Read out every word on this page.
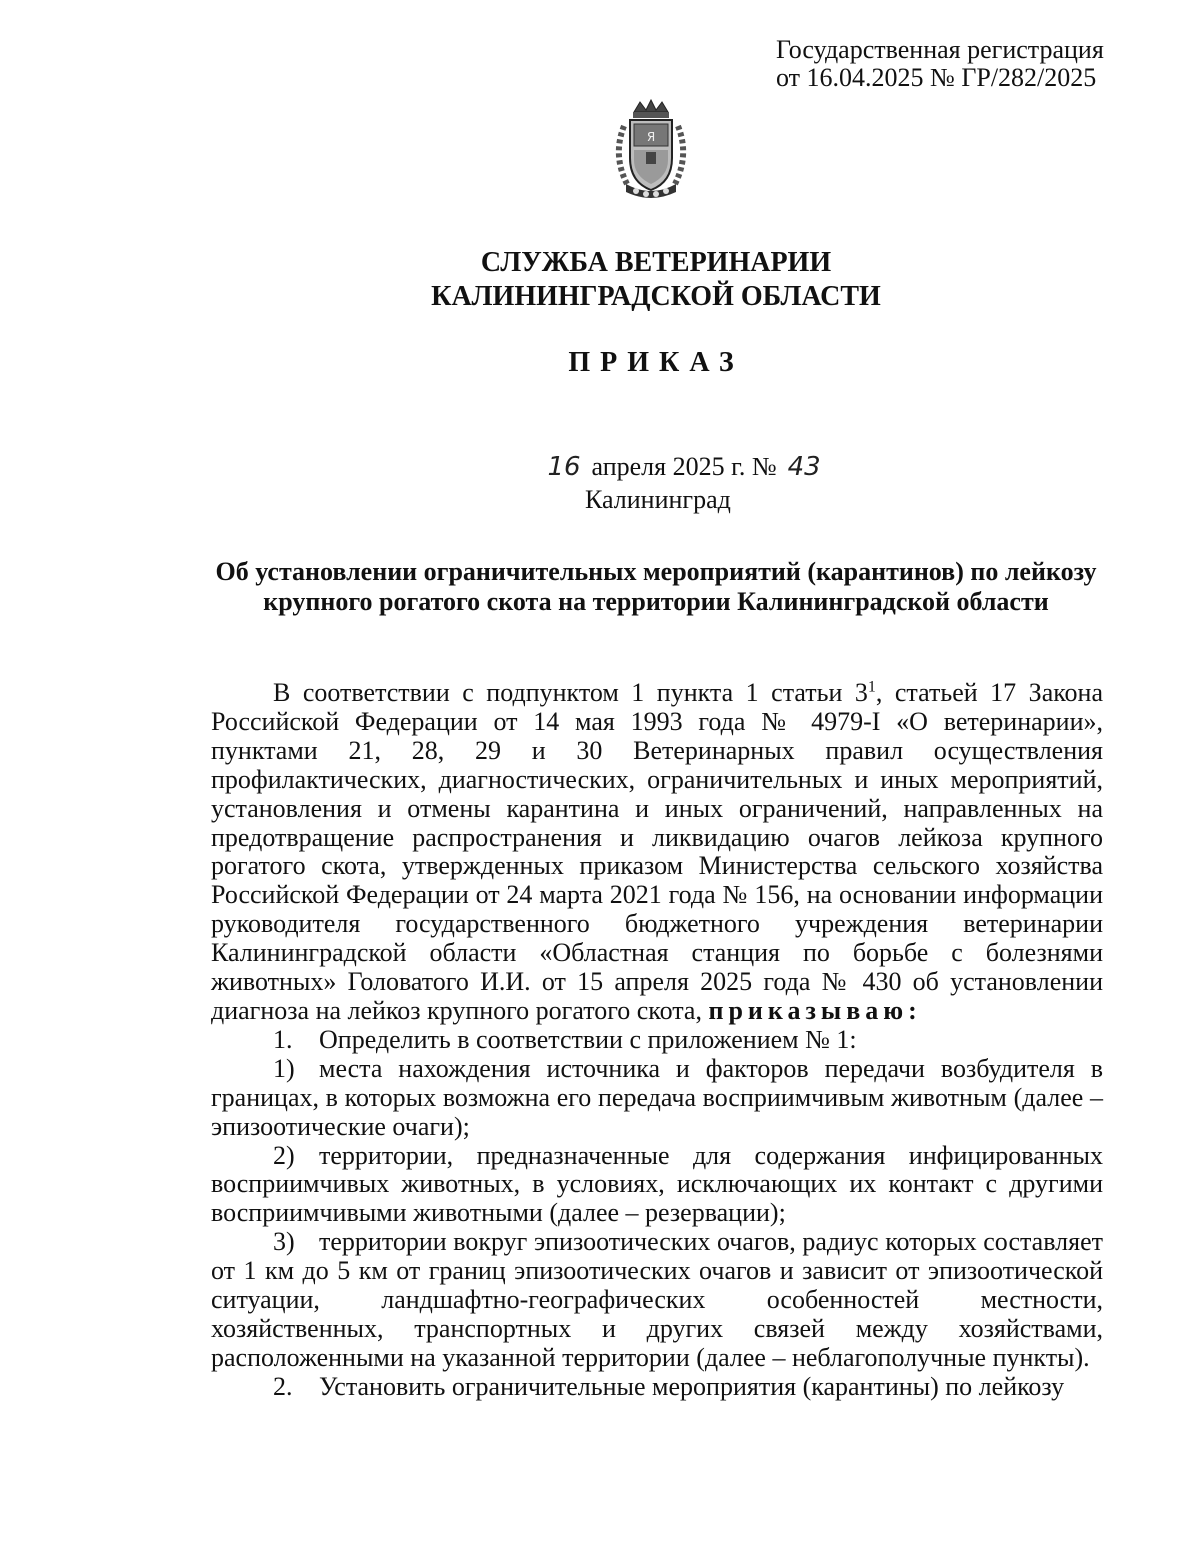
Государственная регистрация
от 16.04.2025 № ГР/282/2025
Я
СЛУЖБА ВЕТЕРИНАРИИ
КАЛИНИНГРАДСКОЙ ОБЛАСТИ
ПРИКАЗ
16 апреля 2025 г. № 43
Калининград
Об установлении ограничительных мероприятий (карантинов) по лейкозу
крупного рогатого скота на территории Калининградской области

В соответствии с подпунктом 1 пункта 1 статьи $3^1$, статьей 17 Закона Российской Федерации от 14 мая 1993 года № 4979-I «О ветеринарии», пунктами 21, 28, 29 и 30 Ветеринарных правил осуществления профилактических, диагностических, ограничительных и иных мероприятий, установления и отмены карантина и иных ограничений, направленных на предотвращение распространения и ликвидацию очагов лейкоза крупного рогатого скота, утвержденных приказом Министерства сельского хозяйства Российской Федерации от 24 марта 2021 года № 156, на основании информации руководителя государственного бюджетного учреждения ветеринарии Калининградской области «Областная станция по борьбе с болезнями животных» Головатого И.И. от 15 апреля 2025 года № 430 об установлении диагноза на лейкоз крупного рогатого скота, приказываю:

1. Определить в соответствии с приложением № 1:

1) места нахождения источника и факторов передачи возбудителя в границах, в которых возможна его передача восприимчивым животным (далее – эпизоотические очаги);

2) территории, предназначенные для содержания инфицированных восприимчивых животных, в условиях, исключающих их контакт с другими восприимчивыми животными (далее – резервации);

3) территории вокруг эпизоотических очагов, радиус которых составляет от 1 км до 5 км от границ эпизоотических очагов и зависит от эпизоотической ситуации, ландшафтно-географических особенностей местности, хозяйственных, транспортных и других связей между хозяйствами, расположенными на указанной территории (далее – неблагополучные пункты).

2. Установить ограничительные мероприятия (карантины) по лейкозу
